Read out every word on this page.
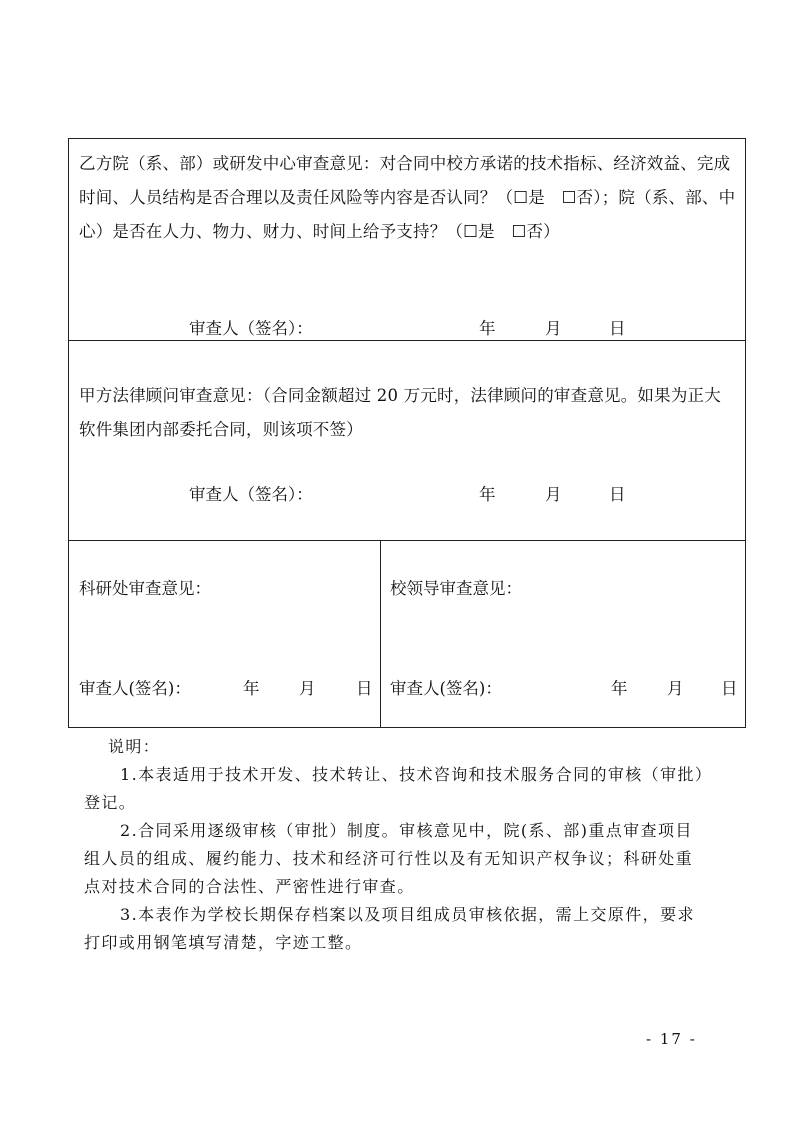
乙方院（系、部）或研发中心审查意见：对合同中校方承诺的技术指标、经济效益、完成时间、人员结构是否合理以及责任风险等内容是否认同？（☐是　☐否）；院（系、部、中心）是否在人力、物力、财力、时间上给予支持？（☐是　☐否）
审查人（签名）：	年	月	日
甲方法律顾问审查意见：（合同金额超过 20 万元时，法律顾问的审查意见。如果为正大软件集团内部委托合同，则该项不签）
审查人（签名）：	年	月	日
科研处审查意见：
审查人(签名)：	年 月 日
校领导审查意见：
审查人(签名)：	年 月 日

说明：

1.本表适用于技术开发、技术转让、技术咨询和技术服务合同的审核（审批）登记。

2.合同采用逐级审核（审批）制度。审核意见中，院(系、部)重点审查项目组人员的组成、履约能力、技术和经济可行性以及有无知识产权争议；科研处重点对技术合同的合法性、严密性进行审查。

3.本表作为学校长期保存档案以及项目组成员审核依据，需上交原件，要求打印或用钢笔填写清楚，字迹工整。

- 17 -
